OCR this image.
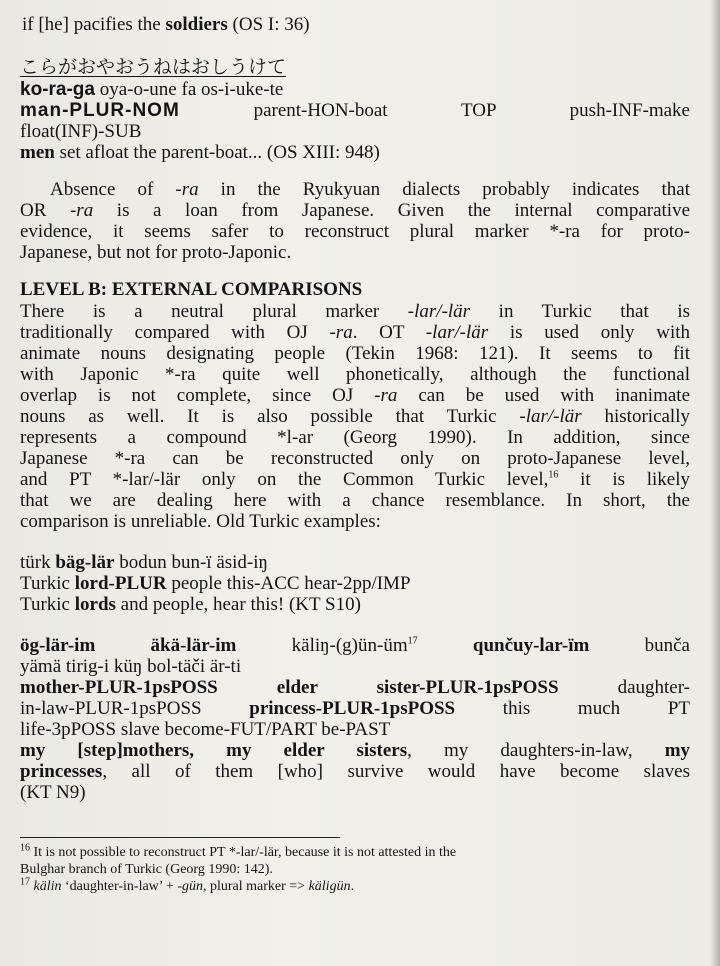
if [he] pacifies the soldiers (OS I: 36)
こらがおやおうねはおしうけて
ko-ra-ga oya-o-une fa os-i-uke-te
man-PLUR-NOM parent-HON-boat TOP push-INF-make
float(INF)-SUB
men set afloat the parent-boat... (OS XIII: 948)
Absence of -ra in the Ryukyuan dialects probably indicates that
OR -ra is a loan from Japanese. Given the internal comparative
evidence, it seems safer to reconstruct plural marker *-ra for proto-
Japanese, but not for proto-Japonic.
LEVEL B: EXTERNAL COMPARISONS
There is a neutral plural marker -lar/-lär in Turkic that is
traditionally compared with OJ -ra. OT -lar/-lär is used only with
animate nouns designating people (Tekin 1968: 121). It seems to fit
with Japonic *-ra quite well phonetically, although the functional
overlap is not complete, since OJ -ra can be used with inanimate
nouns as well. It is also possible that Turkic -lar/-lär historically
represents a compound *l-ar (Georg 1990). In addition, since
Japanese *-ra can be reconstructed only on proto-Japanese level,
and PT *-lar/-lär only on the Common Turkic level,$^{16}$ it is likely
that we are dealing here with a chance resemblance. In short, the
comparison is unreliable. Old Turkic examples:
türk bäg-lär bodun bun-ï äsid-iŋ
Turkic lord-PLUR people this-ACC hear-2pp/IMP
Turkic lords and people, hear this! (KT S10)
ög-lär-im äkä-lär-im käliŋ-$(g)ün-üm^{17}$ qunčuy-lar-ïm bunča
yämä tirig-i küŋ bol-täči är-ti
mother-PLUR-1psPOSS elder sister-PLUR-1psPOSS daughter-
in-law-PLUR-1psPOSS princess-PLUR-1psPOSS this much PT
life-3pPOSS slave become-FUT/PART be-PAST
my [step]mothers, my elder sisters, my daughters-in-law, my
princesses, all of them [who] survive would have become slaves
(KT N9)
$^{16}$ It is not possible to reconstruct PT *-lar/-lär, because it is not attested in the
Bulghar branch of Turkic (Georg 1990: 142).
$^{17}$ kälin ‘daughter-in-law’ + -gün, plural marker => käligün.
